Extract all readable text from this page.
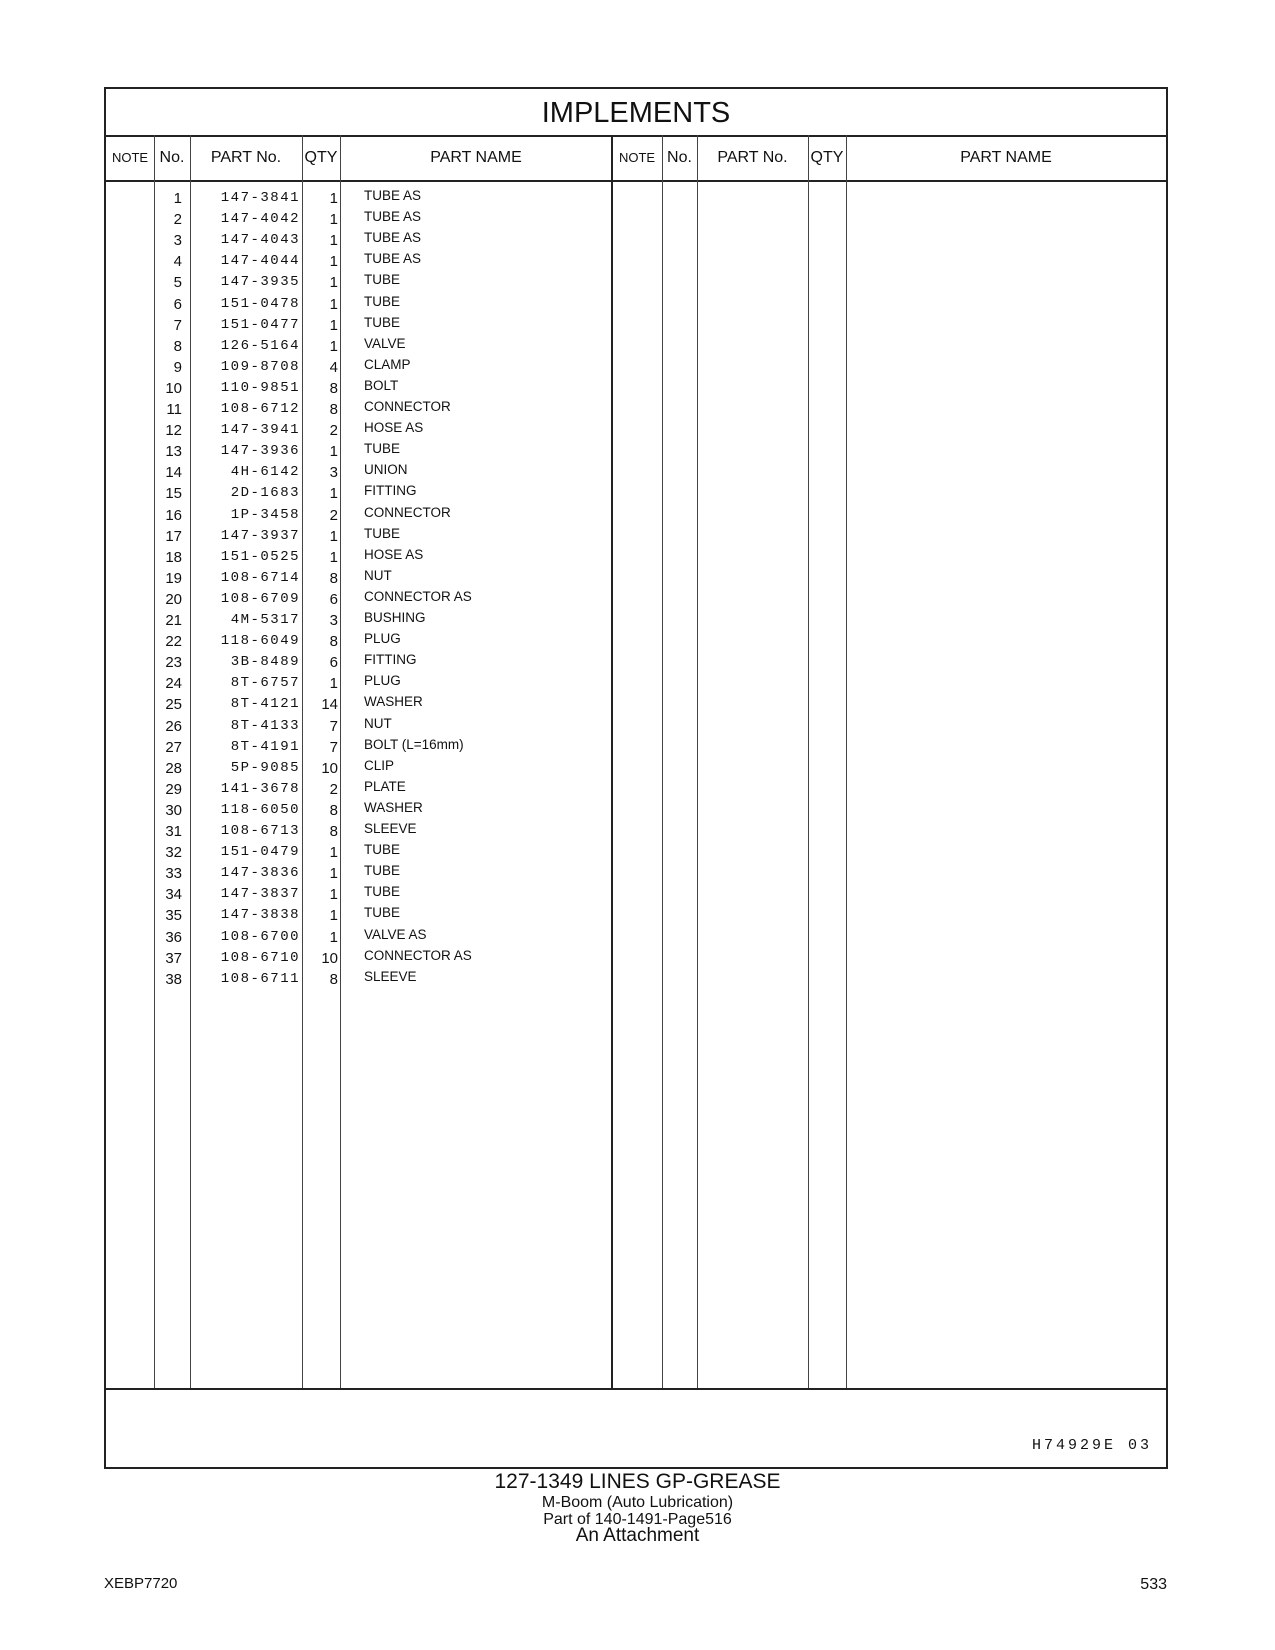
IMPLEMENTS
NOTE No.	PART No.	QTY	PART NAME	NOTE No.	PART No.	QTY	PART NAME
1	147-3841	1 TUBE AS
2	147-4042	1 TUBE AS
3	147-4043	1 TUBE AS
4	147-4044	1 TUBE AS
5	147-3935	1 TUBE
6	151-0478	1 TUBE
7	151-0477	1 TUBE
8	126-5164	1 VALVE
9	109-8708	4 CLAMP
10	110-9851	8 BOLT
11	108-6712	8 CONNECTOR
12	147-3941	2 HOSE AS
13	147-3936	1 TUBE
14	4H-6142	3 UNION
15	2D-1683	1 FITTING
16	1P-3458	2 CONNECTOR
17	147-3937	1 TUBE
18	151-0525	1 HOSE AS
19	108-6714	8 NUT
20	108-6709	6 CONNECTOR AS
21	4M-5317	3 BUSHING
22	118-6049	8 PLUG
23	3B-8489	6 FITTING
24	8T-6757	1 PLUG
25	8T-4121	14 WASHER
26	8T-4133	7 NUT
27	8T-4191	7 BOLT (L=16mm)
28	5P-9085	10 CLIP
29	141-3678	2 PLATE
30	118-6050	8 WASHER
31	108-6713	8 SLEEVE
32	151-0479	1 TUBE
33	147-3836	1 TUBE
34	147-3837	1 TUBE
35	147-3838	1 TUBE
36	108-6700	1 VALVE AS
37	108-6710	10 CONNECTOR AS
38	108-6711	8 SLEEVE
H74929E 03
127-1349 LINES GP-GREASE
M-Boom (Auto Lubrication)
Part of 140-1491-Page516
An Attachment
XEBP7720	533
